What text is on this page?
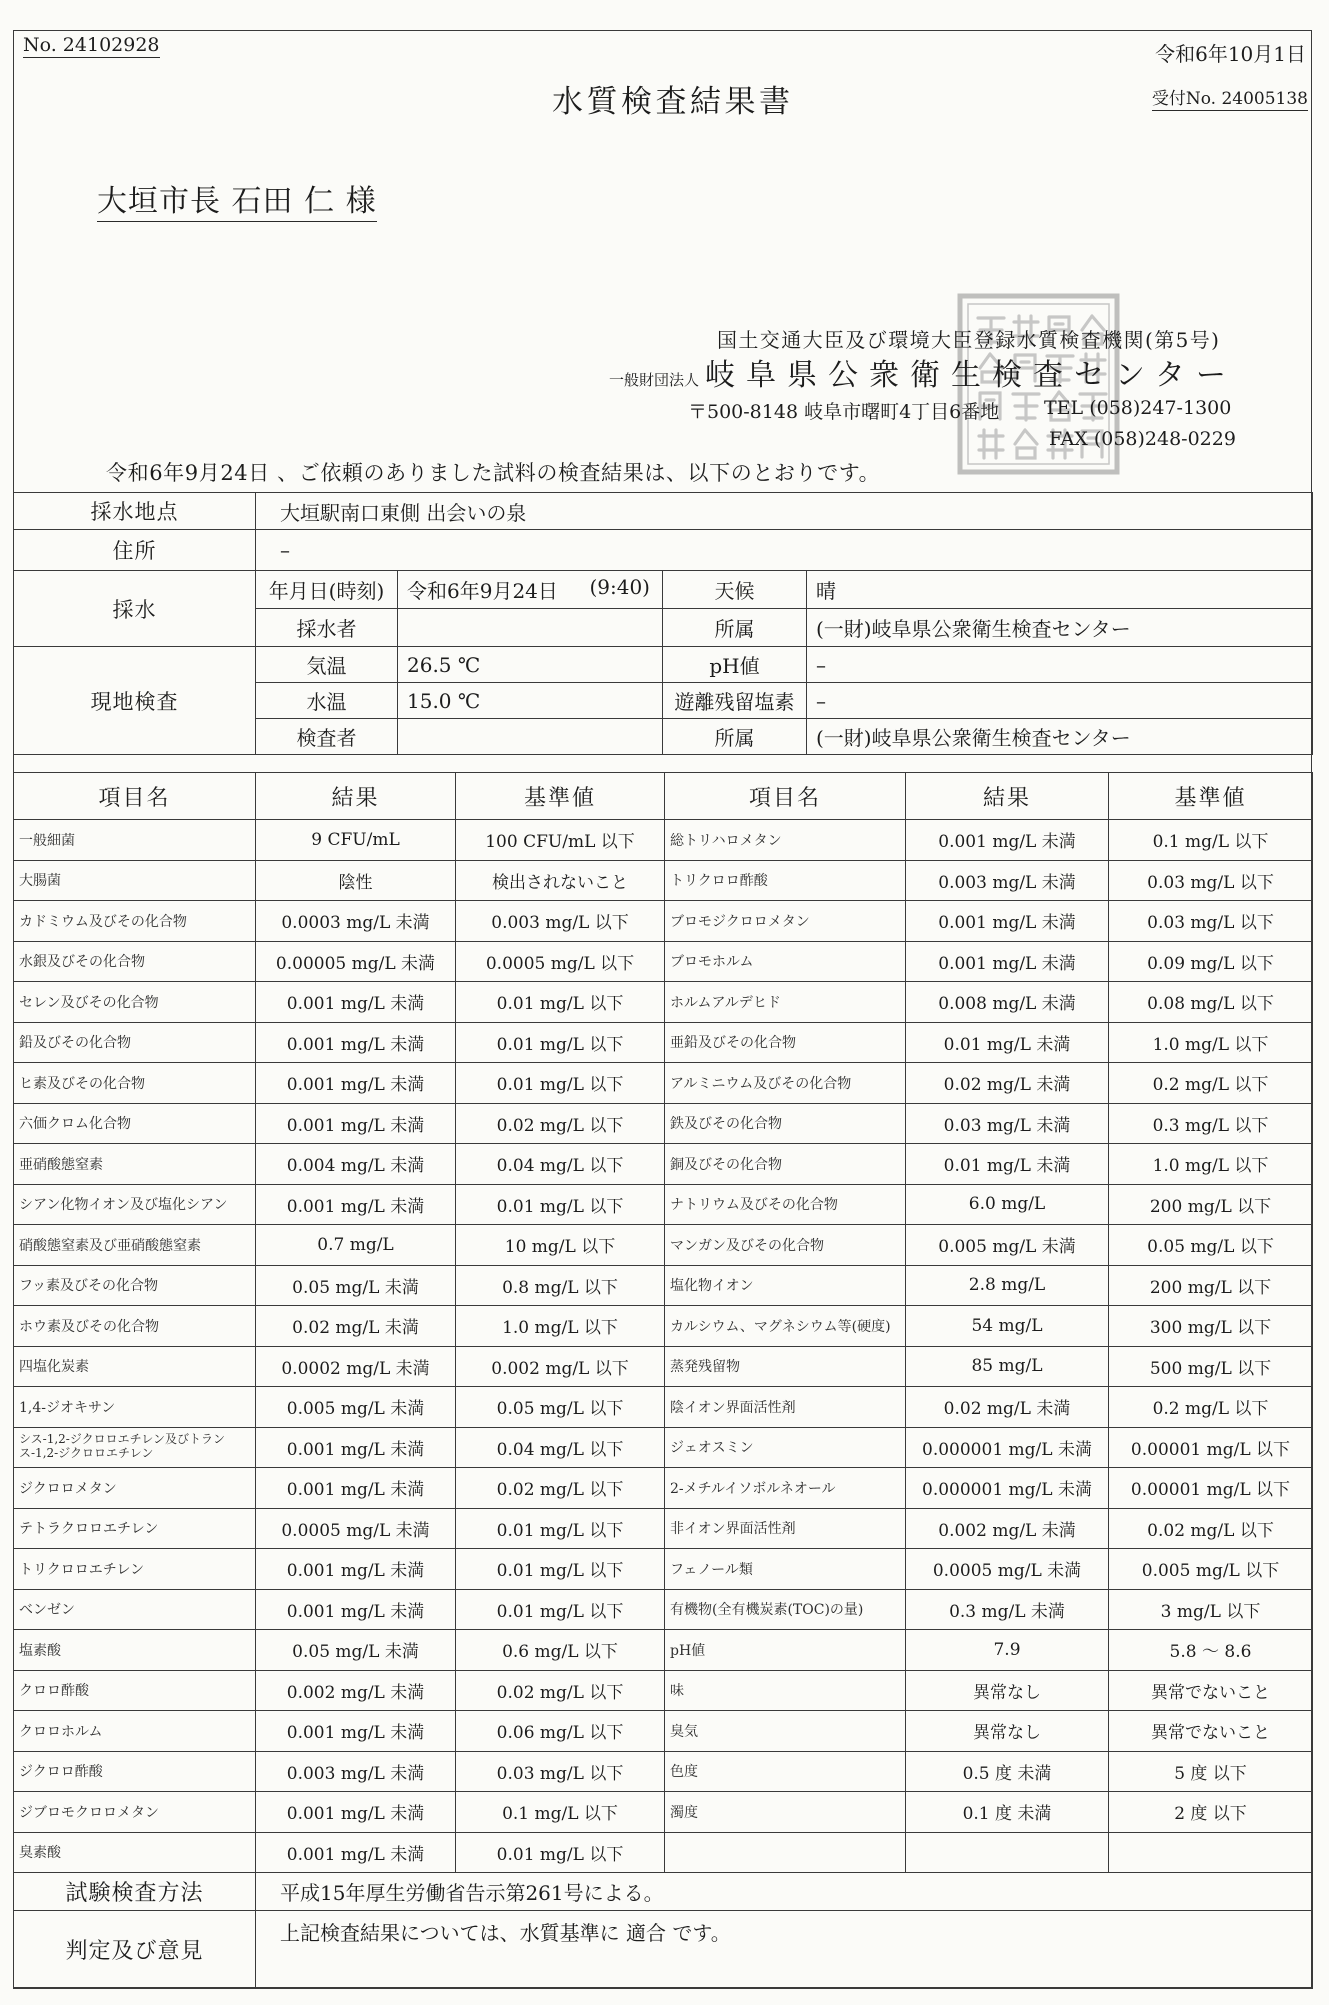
No. 24102928	令和6年10月1日
水質検査結果書	受付No. 24005138
大垣市長 石田 仁 様
国土交通大臣及び環境大臣登録水質検査機関(第5号)
一般財団法人 岐阜県公衆衛生検査センター
〒500-8148 岐阜市曙町4丁目6番地 TEL (058)247-1300
FAX (058)248-0229
令和6年9月24日 、ご依頼のありました試料の検査結果は、以下のとおりです。
採水地点	大垣駅南口東側 出会いの泉			
住所	–			
採水	年月日(時刻)	令和6年9月24日 (9:40)	天候	晴
	採水者		所属	(一財)岐阜県公衆衛生検査センター
現地検査	気温	26.5 ℃	pH値	–
	水温	15.0 ℃	遊離残留塩素	–
	検査者		所属	(一財)岐阜県公衆衛生検査センター
項目名	結果	基準値	項目名	結果	基準値
一般細菌	9 CFU/mL	100 CFU/mL 以下	総トリハロメタン	0.001 mg/L 未満	0.1 mg/L 以下
大腸菌	陰性	検出されないこと	トリクロロ酢酸	0.003 mg/L 未満	0.03 mg/L 以下
カドミウム及びその化合物	0.0003 mg/L 未満	0.003 mg/L 以下	ブロモジクロロメタン	0.001 mg/L 未満	0.03 mg/L 以下
水銀及びその化合物	0.00005 mg/L 未満	0.0005 mg/L 以下	ブロモホルム	0.001 mg/L 未満	0.09 mg/L 以下
セレン及びその化合物	0.001 mg/L 未満	0.01 mg/L 以下	ホルムアルデヒド	0.008 mg/L 未満	0.08 mg/L 以下
鉛及びその化合物	0.001 mg/L 未満	0.01 mg/L 以下	亜鉛及びその化合物	0.01 mg/L 未満	1.0 mg/L 以下
ヒ素及びその化合物	0.001 mg/L 未満	0.01 mg/L 以下	アルミニウム及びその化合物	0.02 mg/L 未満	0.2 mg/L 以下
六価クロム化合物	0.001 mg/L 未満	0.02 mg/L 以下	鉄及びその化合物	0.03 mg/L 未満	0.3 mg/L 以下
亜硝酸態窒素	0.004 mg/L 未満	0.04 mg/L 以下	銅及びその化合物	0.01 mg/L 未満	1.0 mg/L 以下
シアン化物イオン及び塩化シアン	0.001 mg/L 未満	0.01 mg/L 以下	ナトリウム及びその化合物	6.0 mg/L	200 mg/L 以下
硝酸態窒素及び亜硝酸態窒素	0.7 mg/L	10 mg/L 以下	マンガン及びその化合物	0.005 mg/L 未満	0.05 mg/L 以下
フッ素及びその化合物	0.05 mg/L 未満	0.8 mg/L 以下	塩化物イオン	2.8 mg/L	200 mg/L 以下
ホウ素及びその化合物	0.02 mg/L 未満	1.0 mg/L 以下	カルシウム、マグネシウム等(硬度)	54 mg/L	300 mg/L 以下
四塩化炭素	0.0002 mg/L 未満	0.002 mg/L 以下	蒸発残留物	85 mg/L	500 mg/L 以下
1,4-ジオキサン	0.005 mg/L 未満	0.05 mg/L 以下	陰イオン界面活性剤	0.02 mg/L 未満	0.2 mg/L 以下
シス-1,2-ジクロロエチレン及びトランス-1,2-ジクロロエチレン	0.001 mg/L 未満	0.04 mg/L 以下	ジェオスミン	0.000001 mg/L 未満	0.00001 mg/L 以下
ジクロロメタン	0.001 mg/L 未満	0.02 mg/L 以下	2-メチルイソボルネオール	0.000001 mg/L 未満	0.00001 mg/L 以下
テトラクロロエチレン	0.0005 mg/L 未満	0.01 mg/L 以下	非イオン界面活性剤	0.002 mg/L 未満	0.02 mg/L 以下
トリクロロエチレン	0.001 mg/L 未満	0.01 mg/L 以下	フェノール類	0.0005 mg/L 未満	0.005 mg/L 以下
ベンゼン	0.001 mg/L 未満	0.01 mg/L 以下	有機物(全有機炭素(TOC)の量)	0.3 mg/L 未満	3 mg/L 以下
塩素酸	0.05 mg/L 未満	0.6 mg/L 以下	pH値	7.9	5.8 ～ 8.6
クロロ酢酸	0.002 mg/L 未満	0.02 mg/L 以下	味	異常なし	異常でないこと
クロロホルム	0.001 mg/L 未満	0.06 mg/L 以下	臭気	異常なし	異常でないこと
ジクロロ酢酸	0.003 mg/L 未満	0.03 mg/L 以下	色度	0.5 度 未満	5 度 以下
ジブロモクロロメタン	0.001 mg/L 未満	0.1 mg/L 以下	濁度	0.1 度 未満	2 度 以下
臭素酸	0.001 mg/L 未満	0.01 mg/L 以下			
試験検査方法	平成15年厚生労働省告示第261号による。
判定及び意見	上記検査結果については、水質基準に 適合 です。
